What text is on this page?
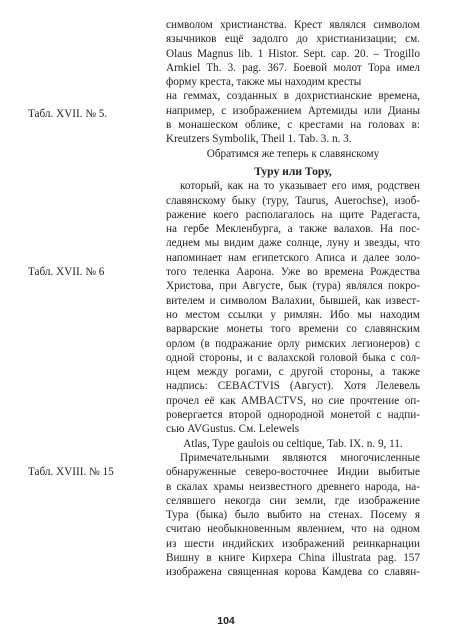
Табл. XVII. № 5.
Табл. XVII. № 6
Табл. XVIII. № 15
символом христианства. Крест являлся символом
язычников ещё задолго до христианизации; см.
Olaus Magnus lib. 1 Histor. Sept. cap. 20. – Trogillo
Arnkiel Th. 3. pag. 367. Боевой молот Тора имел
форму креста, также мы находим кресты
на геммах, созданных в дохристианские времена,
например, с изображением Артемиды или Дианы
в монашеском облике, с крестами на головах в:
Kreutzers Symbolik, Theil 1. Tab. 3. n. 3.
Обратимся же теперь к славянскому
Туру или Тору,
который, как на то указывает его имя, родствен
славянскому быку (туру, Taurus, Auerochse), изоб-
ражение коего располагалось на щите Радегаста,
на гербе Мекленбурга, а также валахов. На пос-
леднем мы видим даже солнце, луну и звезды, что
напоминает нам египетского Аписа и далее золо-
того теленка Аарона. Уже во времена Рождества
Христова, при Августе, бык (тура) являлся покро-
вителем и символом Валахии, бывшей, как извест-
но местом ссылки у римлян. Ибо мы находим
варварские монеты того времени со славянским
орлом (в подражание орлу римских легионеров) с
одной стороны, и с валахской головой быка с сол-
нцем между рогами, с другой стороны, а также
надпись: CEBACTVIS (Август). Хотя Лелевель
прочел её как AMBACTVS, но сие прочтение оп-
ровергается второй однородной монетой с надпи-
сью AVGustus. См. Lelewels
Atlas, Type gaulois ou celtique, Tab. IX. n. 9, 11.
Примечательными являются многочисленные
обнаруженные северо-восточнее Индии выбитые
в скалах храмы неизвестного древнего народа, на-
селявшего некогда сии земли, где изображение
Тура (быка) было выбито на стенах. Посему я
считаю необыкновенным явлением, что на одном
из шести индийских изображений реинкарнации
Вишну в книге Кирхера China illustrata pag. 157
изображена священная корова Камдева со славян-
104
